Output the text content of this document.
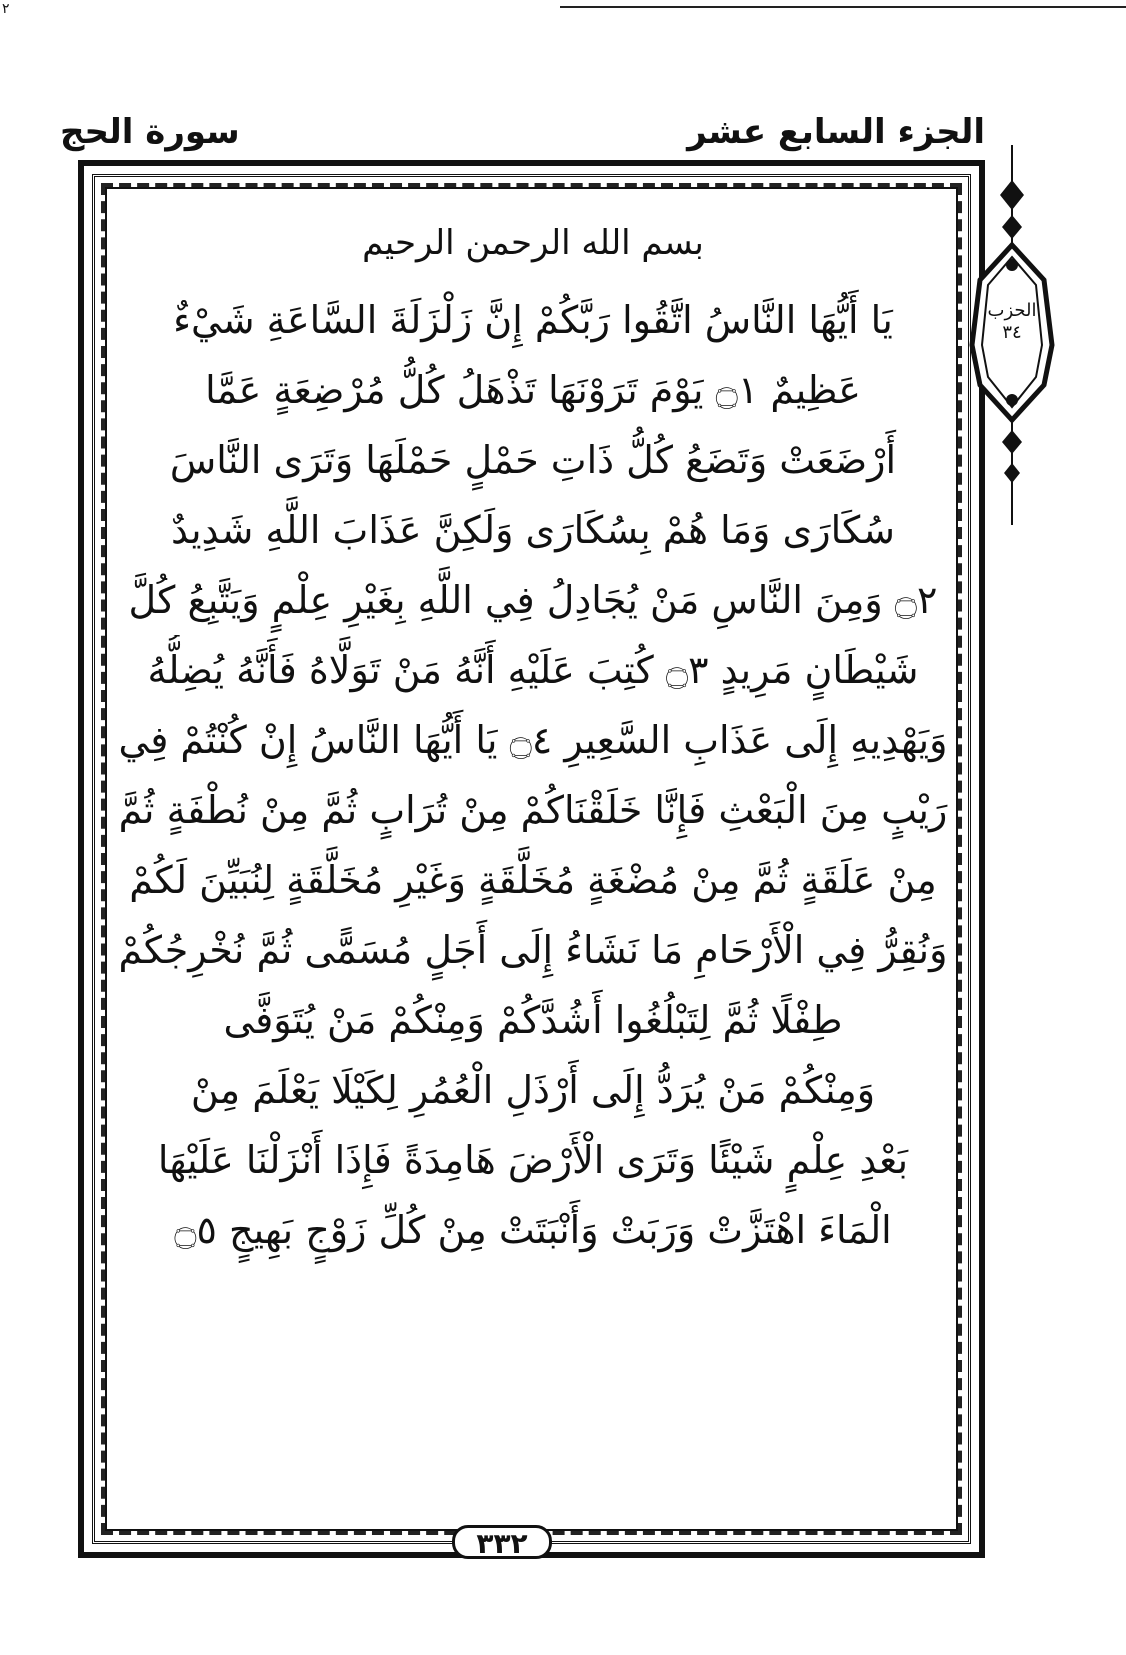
٢
الجزء السابع عشر
سورة الحج
بسم الله الرحمن الرحيم
يَا أَيُّهَا النَّاسُ اتَّقُوا رَبَّكُمْ إِنَّ زَلْزَلَةَ السَّاعَةِ شَيْءٌ
عَظِيمٌ ۝١ يَوْمَ تَرَوْنَهَا تَذْهَلُ كُلُّ مُرْضِعَةٍ عَمَّا
أَرْضَعَتْ وَتَضَعُ كُلُّ ذَاتِ حَمْلٍ حَمْلَهَا وَتَرَى النَّاسَ
سُكَارَى وَمَا هُمْ بِسُكَارَى وَلَكِنَّ عَذَابَ اللَّهِ شَدِيدٌ
۝٢ وَمِنَ النَّاسِ مَنْ يُجَادِلُ فِي اللَّهِ بِغَيْرِ عِلْمٍ وَيَتَّبِعُ كُلَّ
شَيْطَانٍ مَرِيدٍ ۝٣ كُتِبَ عَلَيْهِ أَنَّهُ مَنْ تَوَلَّاهُ فَأَنَّهُ يُضِلُّهُ
وَيَهْدِيهِ إِلَى عَذَابِ السَّعِيرِ ۝٤ يَا أَيُّهَا النَّاسُ إِنْ كُنْتُمْ فِي
رَيْبٍ مِنَ الْبَعْثِ فَإِنَّا خَلَقْنَاكُمْ مِنْ تُرَابٍ ثُمَّ مِنْ نُطْفَةٍ ثُمَّ
مِنْ عَلَقَةٍ ثُمَّ مِنْ مُضْغَةٍ مُخَلَّقَةٍ وَغَيْرِ مُخَلَّقَةٍ لِنُبَيِّنَ لَكُمْ
وَنُقِرُّ فِي الْأَرْحَامِ مَا نَشَاءُ إِلَى أَجَلٍ مُسَمًّى ثُمَّ نُخْرِجُكُمْ
طِفْلًا ثُمَّ لِتَبْلُغُوا أَشُدَّكُمْ وَمِنْكُمْ مَنْ يُتَوَفَّى
وَمِنْكُمْ مَنْ يُرَدُّ إِلَى أَرْذَلِ الْعُمُرِ لِكَيْلَا يَعْلَمَ مِنْ
بَعْدِ عِلْمٍ شَيْئًا وَتَرَى الْأَرْضَ هَامِدَةً فَإِذَا أَنْزَلْنَا عَلَيْهَا
الْمَاءَ اهْتَزَّتْ وَرَبَتْ وَأَنْبَتَتْ مِنْ كُلِّ زَوْجٍ بَهِيجٍ ۝٥
٣٣٢
الحزب
٣٤
